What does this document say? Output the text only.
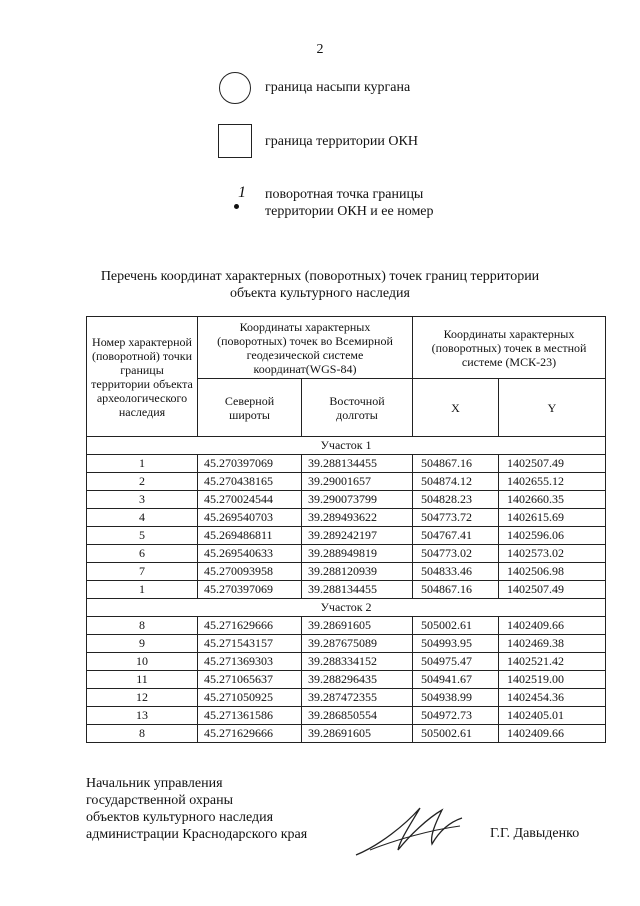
2
граница насыпи кургана
граница территории ОКН
1 поворотная точка границы
территории ОКН и ее номер
Перечень координат характерных (поворотных) точек границ территории
объекта культурного наследия
Номер характерной (поворотной) точки границы территории объекта археологического наследия	Координаты характерных (поворотных) точек во Всемирной геодезической системе координат(WGS-84)		Координаты характерных (поворотных) точек в местной системе (МСК-23)	
	Северной широты	Восточной долготы	X	Y
Участок 1				
1	45.270397069	39.288134455	504867.16	1402507.49
2	45.270438165	39.29001657	504874.12	1402655.12
3	45.270024544	39.290073799	504828.23	1402660.35
4	45.269540703	39.289493622	504773.72	1402615.69
5	45.269486811	39.289242197	504767.41	1402596.06
6	45.269540633	39.288949819	504773.02	1402573.02
7	45.270093958	39.288120939	504833.46	1402506.98
1	45.270397069	39.288134455	504867.16	1402507.49
Участок 2				
8	45.271629666	39.28691605	505002.61	1402409.66
9	45.271543157	39.287675089	504993.95	1402469.38
10	45.271369303	39.288334152	504975.47	1402521.42
11	45.271065637	39.288296435	504941.67	1402519.00
12	45.271050925	39.287472355	504938.99	1402454.36
13	45.271361586	39.286850554	504972.73	1402405.01
8	45.271629666	39.28691605	505002.61	1402409.66
Начальник управления
государственной охраны
объектов культурного наследия
администрации Краснодарского края	Г.Г. Давыденко
